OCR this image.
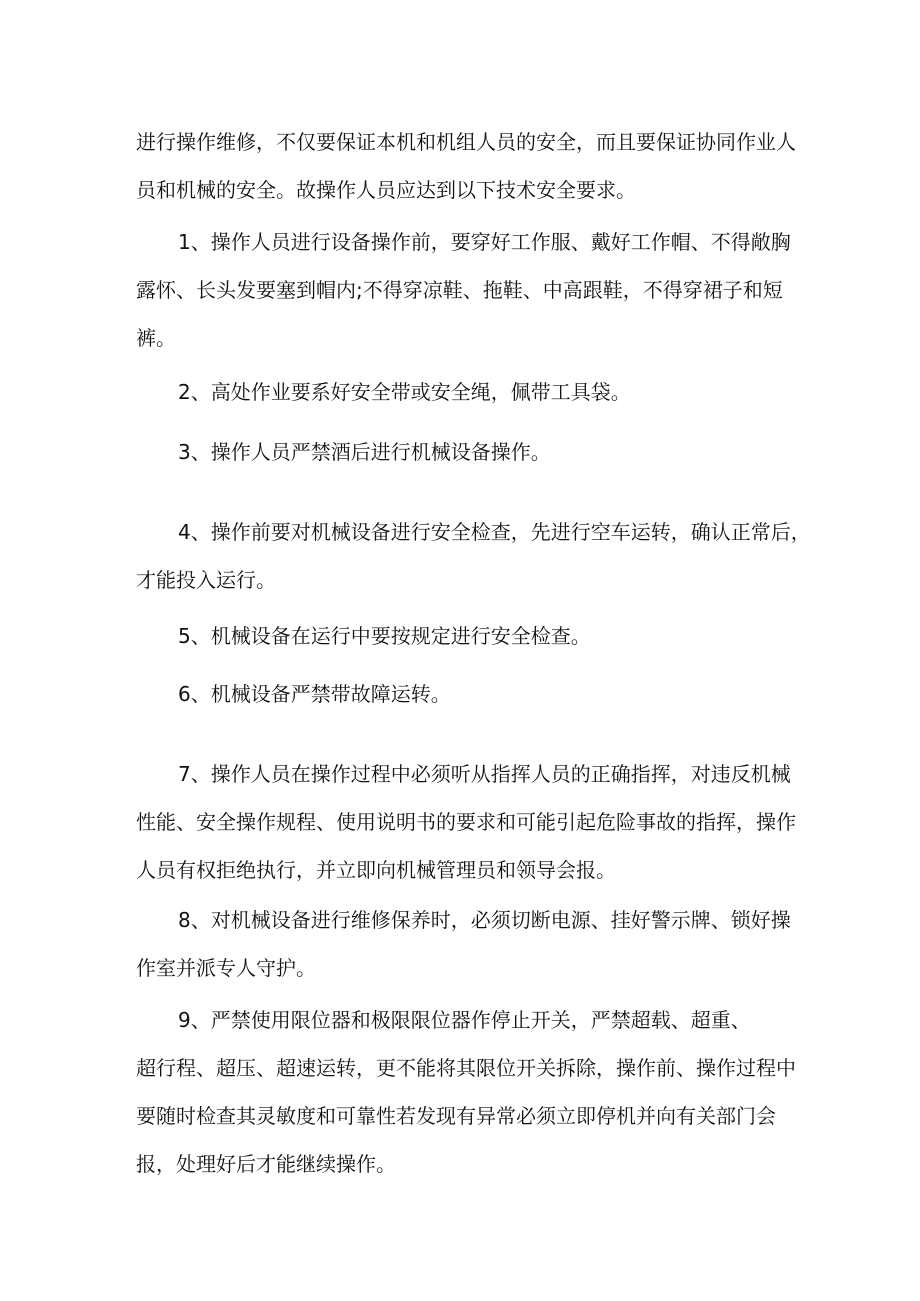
进行操作维修，不仅要保证本机和机组人员的安全，而且要保证协同作业人

员和机械的安全。故操作人员应达到以下技术安全要求。

1、操作人员进行设备操作前，要穿好工作服、戴好工作帽、不得敞胸

露怀、长头发要塞到帽内;不得穿凉鞋、拖鞋、中高跟鞋，不得穿裙子和短

裤。

2、高处作业要系好安全带或安全绳，佩带工具袋。

3、操作人员严禁酒后进行机械设备操作。

4、操作前要对机械设备进行安全检查，先进行空车运转，确认正常后，

才能投入运行。

5、机械设备在运行中要按规定进行安全检查。

6、机械设备严禁带故障运转。

7、操作人员在操作过程中必须听从指挥人员的正确指挥，对违反机械

性能、安全操作规程、使用说明书的要求和可能引起危险事故的指挥，操作

人员有权拒绝执行，并立即向机械管理员和领导会报。

8、对机械设备进行维修保养时，必须切断电源、挂好警示牌、锁好操

作室并派专人守护。

9、严禁使用限位器和极限限位器作停止开关，严禁超载、超重、

超行程、超压、超速运转，更不能将其限位开关拆除，操作前、操作过程中

要随时检查其灵敏度和可靠性若发现有异常必须立即停机并向有关部门会

报，处理好后才能继续操作。
